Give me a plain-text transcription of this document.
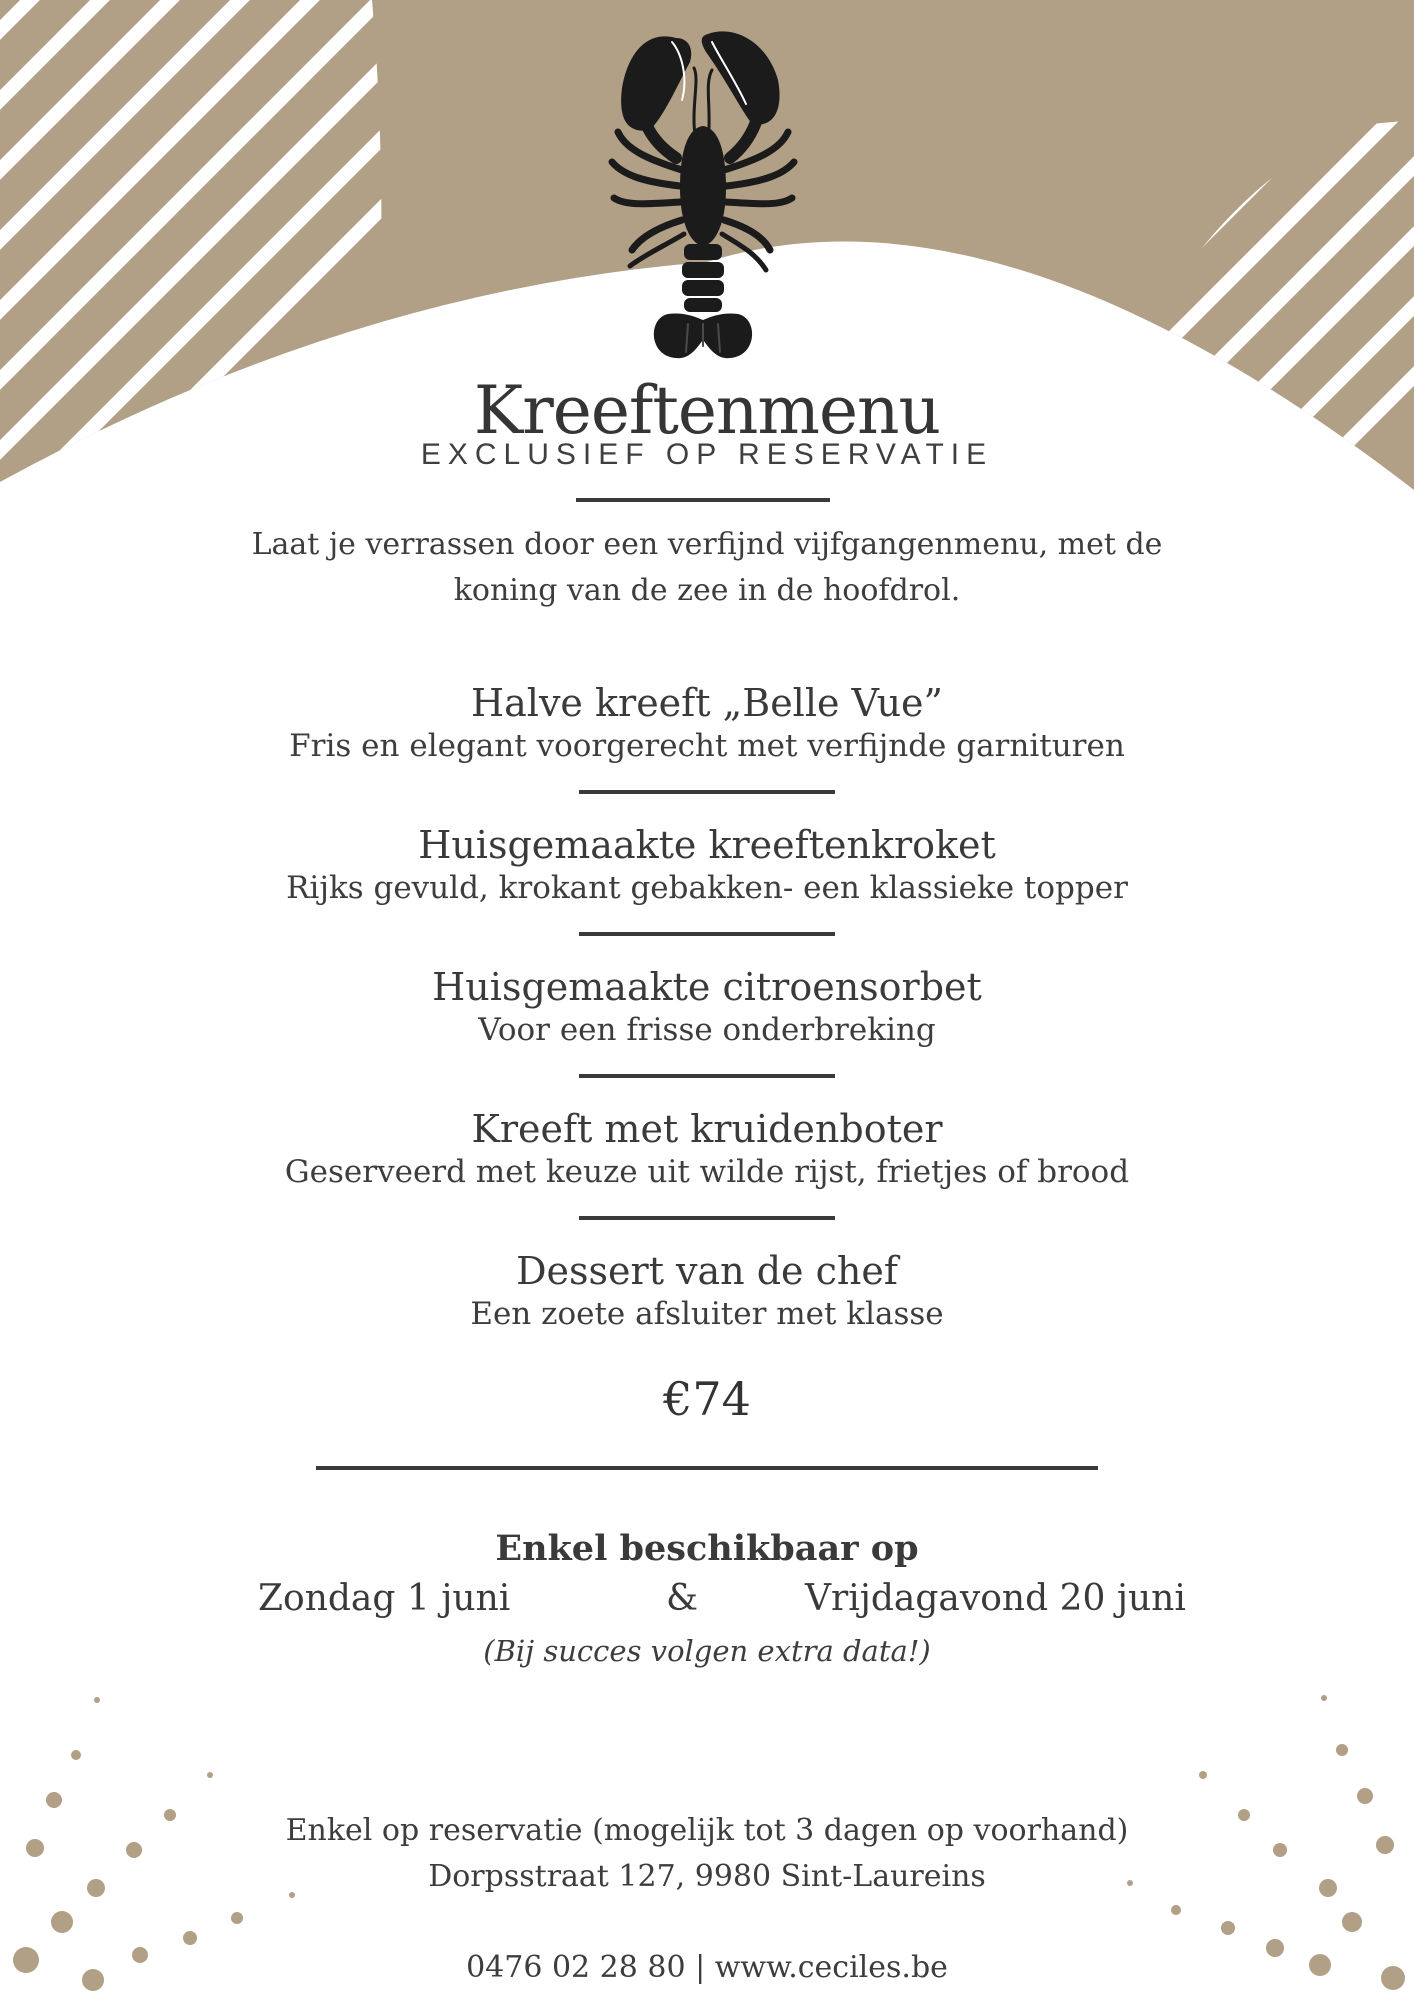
Kreeftenmenu
EXCLUSIEF OP RESERVATIE
Laat je verrassen door een verfijnd vijfgangenmenu, met de
koning van de zee in de hoofdrol.
Halve kreeft „Belle Vue”
Fris en elegant voorgerecht met verfijnde garnituren
Huisgemaakte kreeftenkroket
Rijks gevuld, krokant gebakken- een klassieke topper
Huisgemaakte citroensorbet
Voor een frisse onderbreking
Kreeft met kruidenboter
Geserveerd met keuze uit wilde rijst, frietjes of brood
Dessert van de chef
Een zoete afsluiter met klasse
€74
Enkel beschikbaar op
Zondag 1 juni	&	Vrijdagavond 20 juni
(Bij succes volgen extra data!)
Enkel op reservatie (mogelijk tot 3 dagen op voorhand)
Dorpsstraat 127, 9980 Sint-Laureins
0476 02 28 80 | www.ceciles.be
